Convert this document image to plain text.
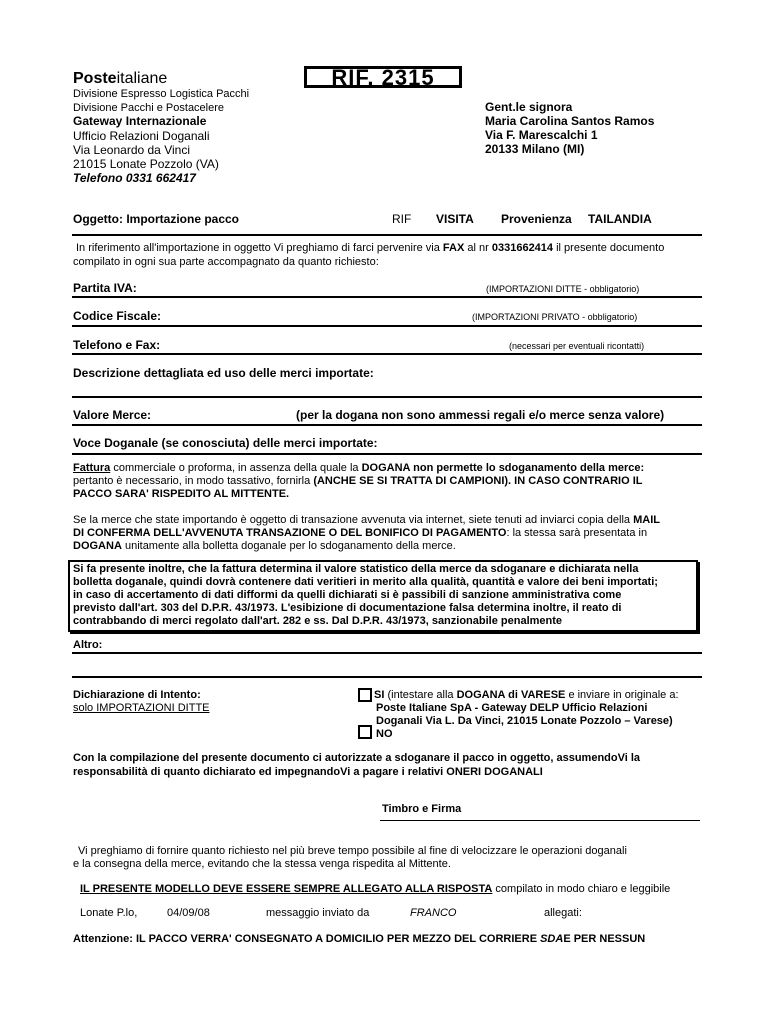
Posteitaliane
Divisione Espresso Logistica Pacchi
Divisione Pacchi e Postacelere
Gateway Internazionale
Ufficio Relazioni Doganali
Via Leonardo da Vinci
21015 Lonate Pozzolo (VA)
Telefono 0331 662417
RIF. 2315
Gent.le signora
Maria Carolina Santos Ramos
Via F. Marescalchi 1
20133 Milano (MI)
Oggetto: Importazione pacco	RIF VISITA Provenienza TAILANDIA
In riferimento all'importazione in oggetto Vi preghiamo di farci pervenire via FAX al nr 0331662414 il presente documento
compilato in ogni sua parte accompagnato da quanto richiesto:
Partita IVA:	(IMPORTAZIONI DITTE - obbligatorio)
Codice Fiscale:	(IMPORTAZIONI PRIVATO - obbligatorio)
Telefono e Fax:	(necessari per eventuali ricontatti)
Descrizione dettagliata ed uso delle merci importate:
Valore Merce:	(per la dogana non sono ammessi regali e/o merce senza valore)
Voce Doganale (se conosciuta) delle merci importate:
Fattura commerciale o proforma, in assenza della quale la DOGANA non permette lo sdoganamento della merce:
pertanto è necessario, in modo tassativo, fornirla (ANCHE SE SI TRATTA DI CAMPIONI). IN CASO CONTRARIO IL
PACCO SARA' RISPEDITO AL MITTENTE.
Se la merce che state importando è oggetto di transazione avvenuta via internet, siete tenuti ad inviarci copia della MAIL
DI CONFERMA DELL'AVVENUTA TRANSAZIONE O DEL BONIFICO DI PAGAMENTO: la stessa sarà presentata in
DOGANA unitamente alla bolletta doganale per lo sdoganamento della merce.
Si fa presente inoltre, che la fattura determina il valore statistico della merce da sdoganare e dichiarata nella
bolletta doganale, quindi dovrà contenere dati veritieri in merito alla qualità, quantità e valore dei beni importati;
in caso di accertamento di dati difformi da quelli dichiarati si è passibili di sanzione amministrativa come
previsto dall'art. 303 del D.P.R. 43/1973. L'esibizione di documentazione falsa determina inoltre, il reato di
contrabbando di merci regolato dall'art. 282 e ss. Dal D.P.R. 43/1973, sanzionabile penalmente
Altro:
Dichiarazione di Intento:
solo IMPORTAZIONI DITTE
SI (intestare alla DOGANA di VARESE e inviare in originale a:
Poste Italiane SpA - Gateway DELP Ufficio Relazioni
Doganali Via L. Da Vinci, 21015 Lonate Pozzolo – Varese)
NO
Con la compilazione del presente documento ci autorizzate a sdoganare il pacco in oggetto, assumendoVi la
responsabilità di quanto dichiarato ed impegnandoVi a pagare i relativi ONERI DOGANALI
Timbro e Firma
Vi preghiamo di fornire quanto richiesto nel più breve tempo possibile al fine di velocizzare le operazioni doganali
e la consegna della merce, evitando che la stessa venga rispedita al Mittente.
IL PRESENTE MODELLO DEVE ESSERE SEMPRE ALLEGATO ALLA RISPOSTA compilato in modo chiaro e leggibile
Lonate P.lo,	04/09/08	messaggio inviato da	FRANCO	allegati:
Attenzione: IL PACCO VERRA' CONSEGNATO A DOMICILIO PER MEZZO DEL CORRIERE SDAE PER NESSUN
